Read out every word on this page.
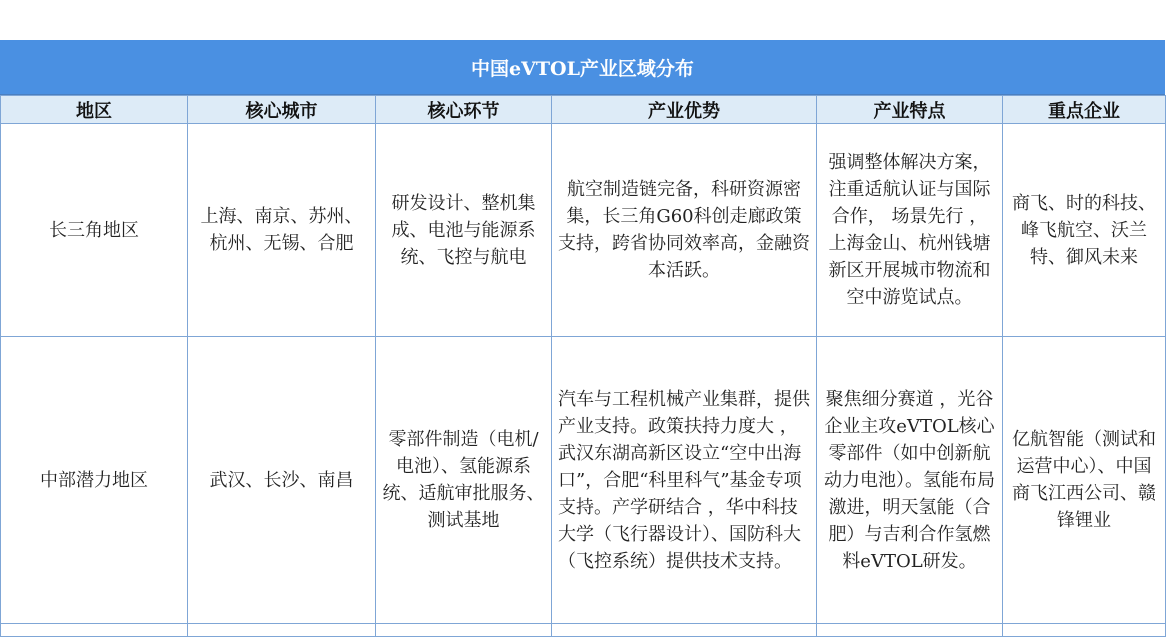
中国eVTOL产业区域分布
地区	核心城市	核心环节	产业优势	产业特点	重点企业
长三角地区	上海、南京、苏州、杭州、无锡、合肥	研发设计、整机集成、电池与能源系统、飞控与航电	航空制造链完备，科研资源密集，长三角G60科创走廊政策支持，跨省协同效率高，金融资本活跃。	强调整体解决方案，注重适航认证与国际合作， 场景先行 ，上海金山、杭州钱塘新区开展城市物流和空中游览试点。	商飞、时的科技、峰飞航空、沃兰特、御风未来
中部潜力地区	武汉、长沙、南昌	零部件制造（电机/电池）、氢能源系统、适航审批服务、测试基地	汽车与工程机械产业集群，提供产业支持。政策扶持力度大 ，武汉东湖高新区设立“空中出海口”，合肥“科里科气”基金专项支持。产学研结合 ，华中科技大学（飞行器设计）、国防科大（飞控系统）提供技术支持。	聚焦细分赛道 ，光谷企业主攻eVTOL核心零部件（如中创新航动力电池）。氢能布局激进，明天氢能（合肥）与吉利合作氢燃料eVTOL研发。	亿航智能（测试和运营中心）、中国商飞江西公司、赣锋锂业
